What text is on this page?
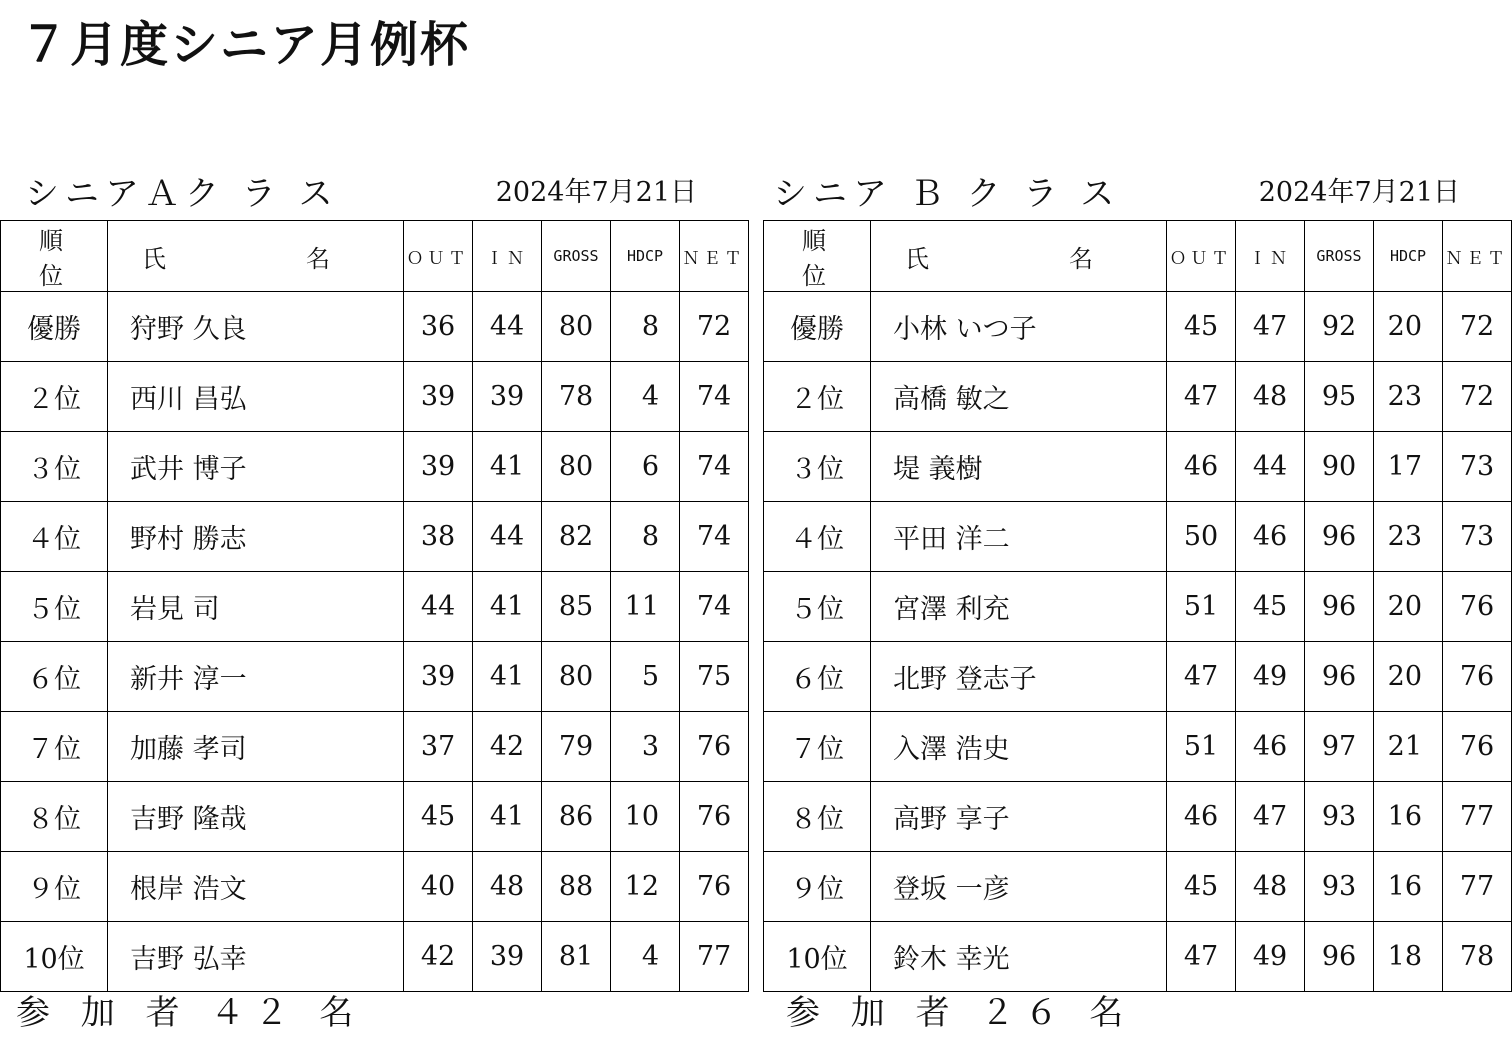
７月度シニア月例杯
シニアＡク ラ ス	2024年7月21日
順　位	氏 名	ＯＵＴ	ＩＮ	GROSS	HDCP	ＮＥＴ
優勝	狩野 久良	36	44	80	8	72
２位	西川 昌弘	39	39	78	4	74
３位	武井 博子	39	41	80	6	74
４位	野村 勝志	38	44	82	8	74
５位	岩見 司	44	41	85	11	74
６位	新井 淳一	39	41	80	5	75
７位	加藤 孝司	37	42	79	3	76
８位	吉野 隆哉	45	41	86	10	76
９位	根岸 浩文	40	48	88	12	76
10位	吉野 弘幸	42	39	81	4	77
シニア Ｂ ク ラ ス	2024年7月21日
順　位	氏 名	ＯＵＴ	ＩＮ	GROSS	HDCP	ＮＥＴ
優勝	小林 いつ子	45	47	92	20	72
２位	高橋 敏之	47	48	95	23	72
３位	堤 義樹	46	44	90	17	73
４位	平田 洋二	50	46	96	23	73
５位	宮澤 利充	51	45	96	20	76
６位	北野 登志子	47	49	96	20	76
７位	入澤 浩史	51	46	97	21	76
８位	高野 享子	46	47	93	16	77
９位	登坂 一彦	45	48	93	16	77
10位	鈴木 幸光	47	49	96	18	78
参 加 者 ４２ 名	参 加 者 ２６ 名
